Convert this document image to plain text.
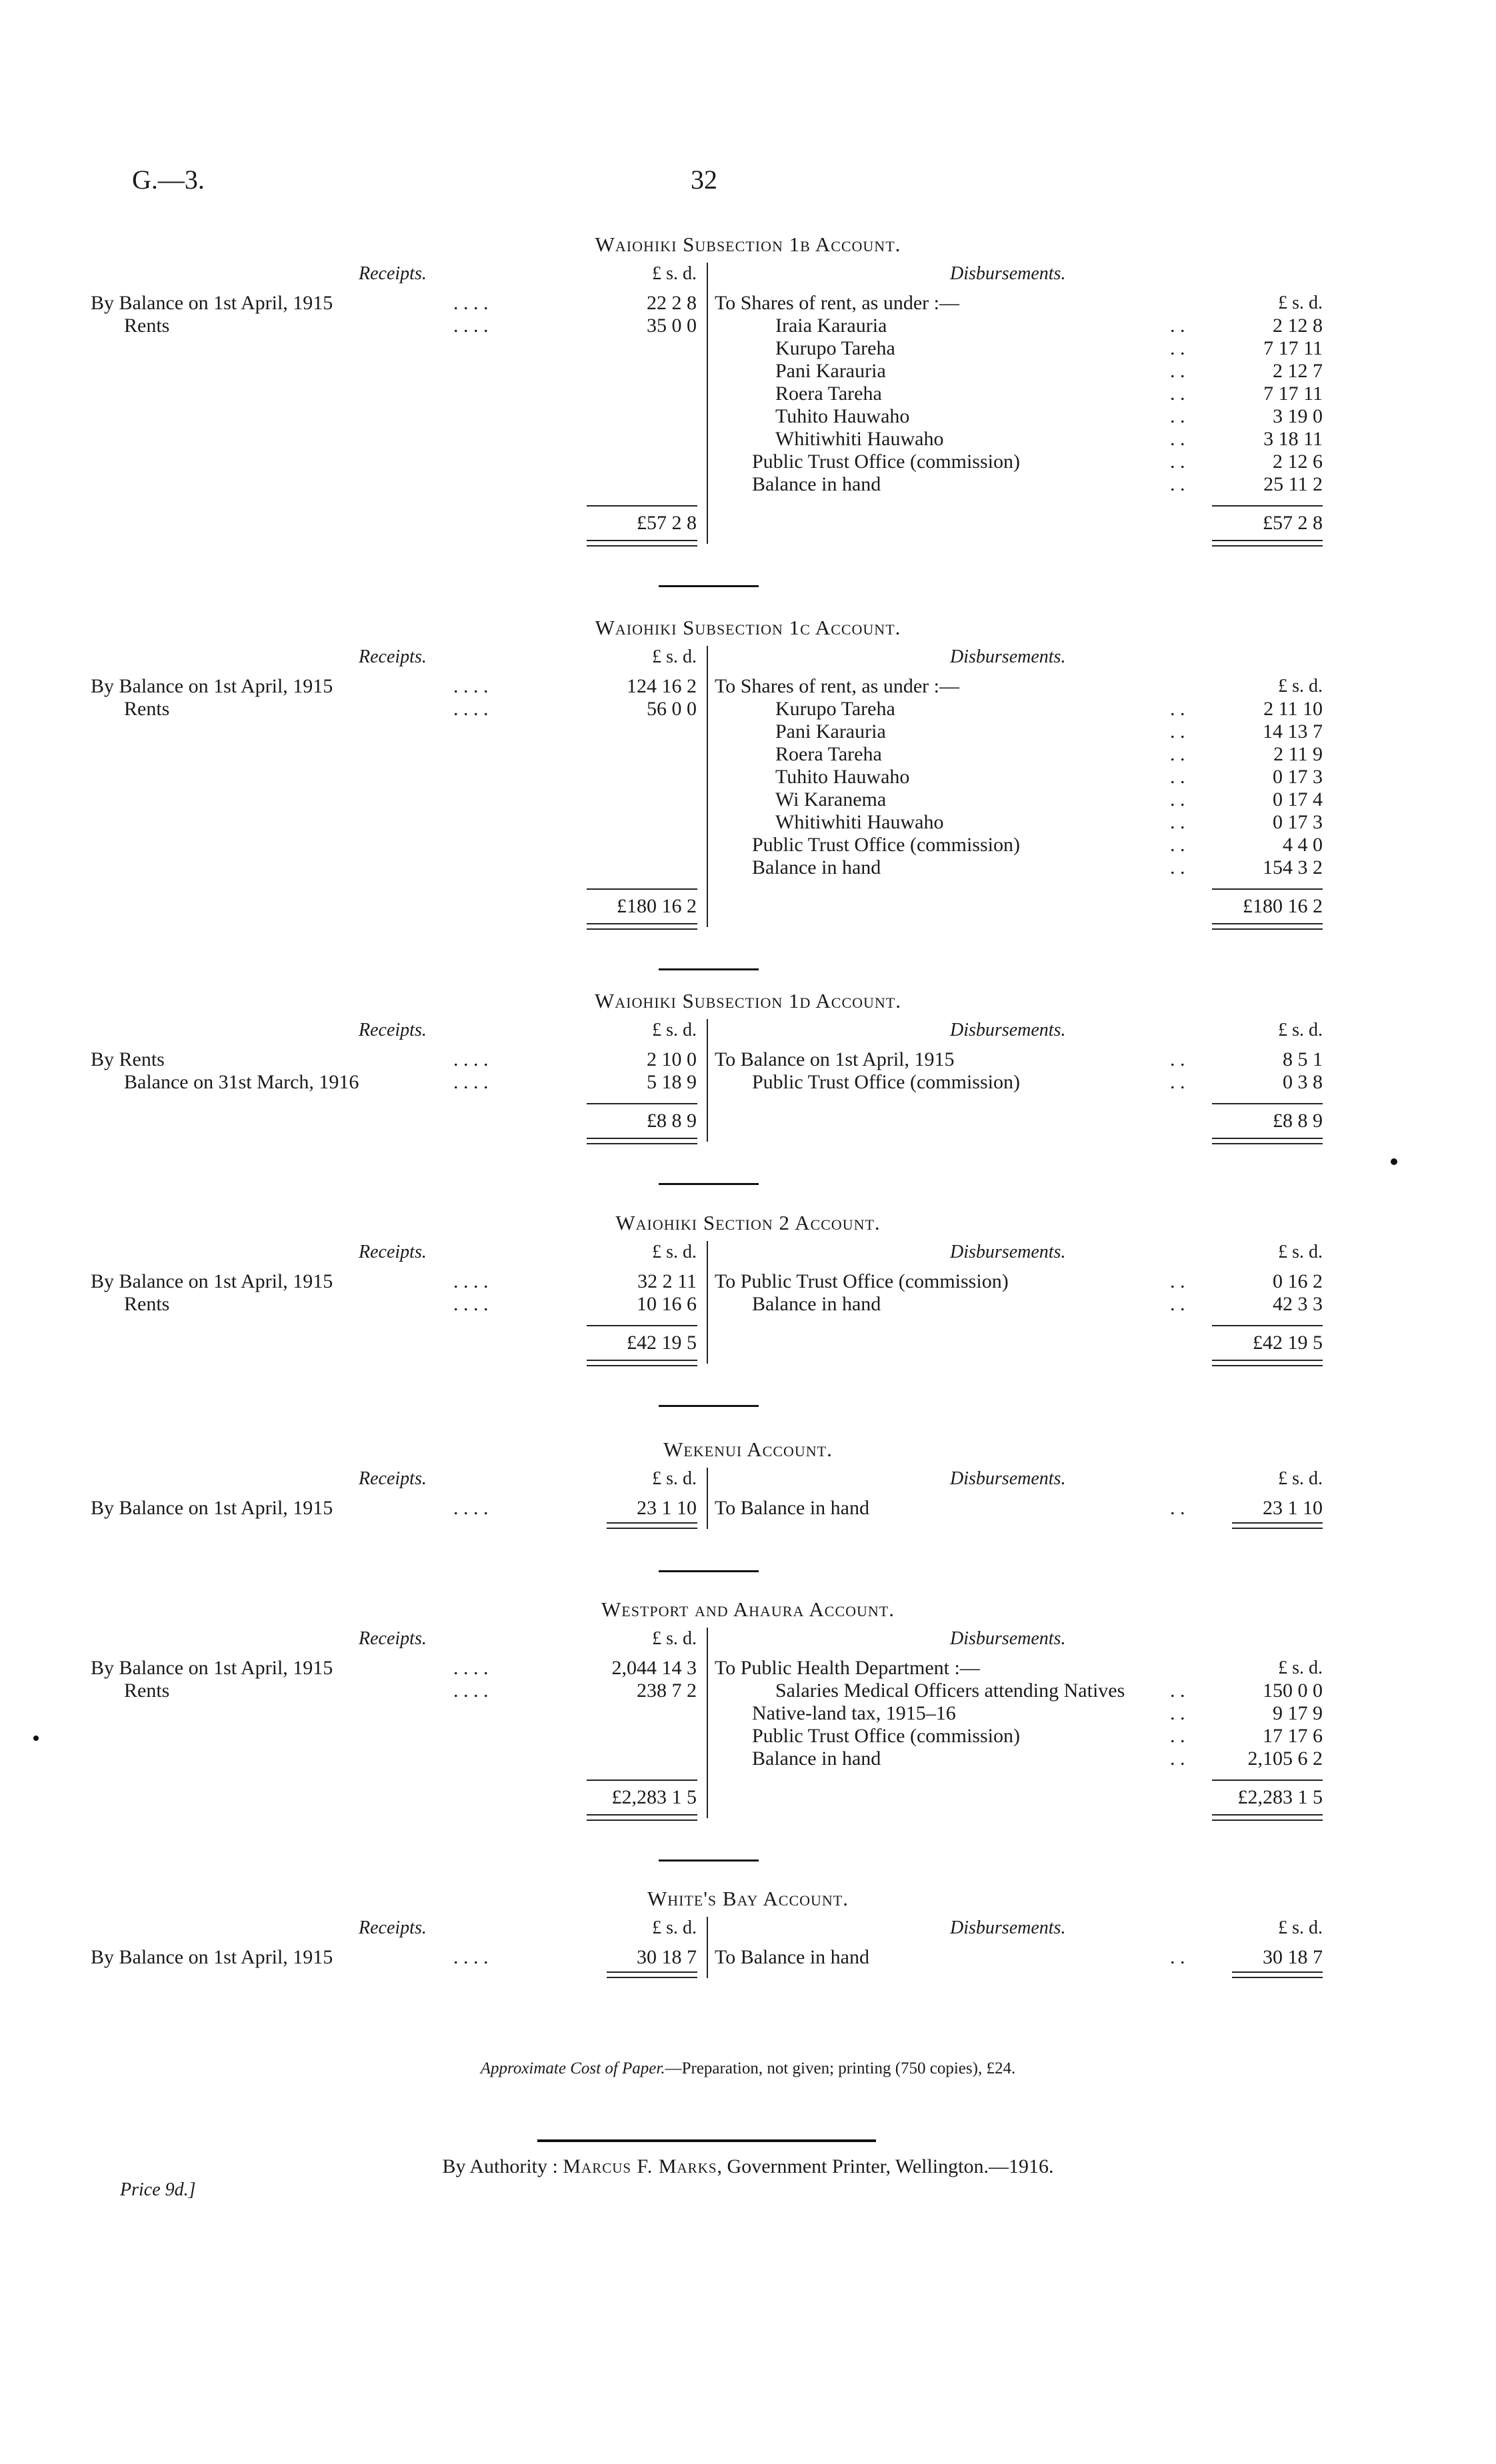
G.—3.	32
Waiohiki Subsection 1b Account.
Receipts.	Disbursements.
£ s. d.
£ s. d.
By Balance on 1st April, 1915	. . . .	22 2 8
Rents	. . . .	35 0 0
To Shares of rent, as under :—
Iraia Karauria	. .	2 12 8
Kurupo Tareha	. .	7 17 11
Pani Karauria	. .	2 12 7
Roera Tareha	. .	7 17 11
Tuhito Hauwaho	. .	3 19 0
Whitiwhiti Hauwaho	. .	3 18 11
Public Trust Office (commission)	. .	2 12 6
Balance in hand	. .	25 11 2
£57 2 8	£57 2 8
Waiohiki Subsection 1c Account.
Receipts.	Disbursements.
£ s. d.
£ s. d.
By Balance on 1st April, 1915	. . . .	124 16 2
Rents	. . . .	56 0 0
To Shares of rent, as under :—
Kurupo Tareha	. .	2 11 10
Pani Karauria	. .	14 13 7
Roera Tareha	. .	2 11 9
Tuhito Hauwaho	. .	0 17 3
Wi Karanema	. .	0 17 4
Whitiwhiti Hauwaho	. .	0 17 3
Public Trust Office (commission)	. .	4 4 0
Balance in hand	. .	154 3 2
£180 16 2	£180 16 2
Waiohiki Subsection 1d Account.
Receipts.	Disbursements.
£ s. d.	£ s. d.
By Rents	. . . .	2 10 0
Balance on 31st March, 1916	. . . .	5 18 9
To Balance on 1st April, 1915	. .	8 5 1
Public Trust Office (commission)	. .	0 3 8
£8 8 9	£8 8 9
Waiohiki Section 2 Account.
Receipts.	Disbursements.
£ s. d.	£ s. d.
By Balance on 1st April, 1915	. . . .	32 2 11
Rents	. . . .	10 16 6
To Public Trust Office (commission)	. .	0 16 2
Balance in hand	. .	42 3 3
£42 19 5	£42 19 5
Wekenui Account.
Receipts.	Disbursements.
£ s. d.	£ s. d.
By Balance on 1st April, 1915	. . . .	23 1 10 To Balance in hand	. .	23 1 10
Westport and Ahaura Account.
Receipts.	Disbursements.
£ s. d.
£ s. d.
By Balance on 1st April, 1915	. . . .	2,044 14 3
Rents	. . . .	238 7 2
To Public Health Department :—
Salaries Medical Officers attending Natives . .	150 0 0
Native-land tax, 1915–16	. .	9 17 9
Public Trust Office (commission)	. .	17 17 6
Balance in hand	. .	2,105 6 2
£2,283 1 5	£2,283 1 5
White's Bay Account.
Receipts.	Disbursements.
£ s. d.	£ s. d.
By Balance on 1st April, 1915	. . . .	30 18 7 To Balance in hand	. .	30 18 7
Approximate Cost of Paper.—Preparation, not given; printing (750 copies), £24.
By Authority : Marcus F. Marks, Government Printer, Wellington.—1916.
Price 9d.]
